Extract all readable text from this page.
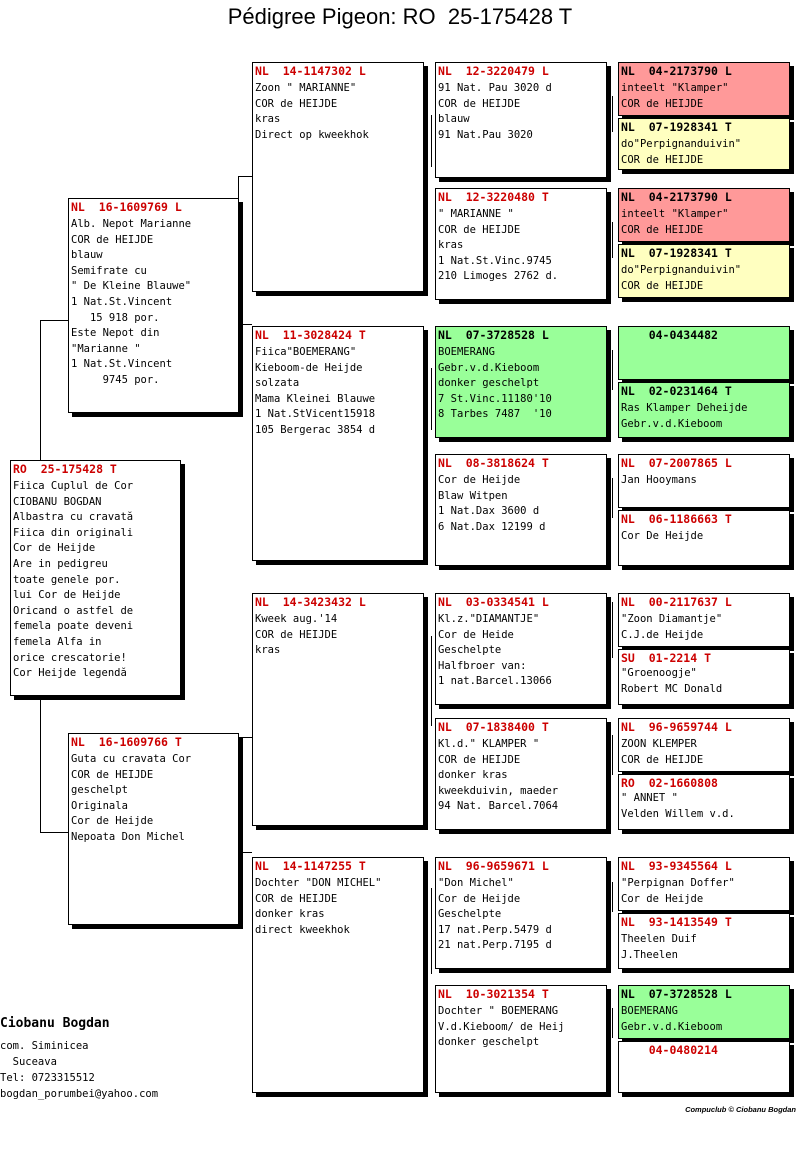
Pédigree Pigeon: RO  25-175428 T
RO  25-175428 T
Fiica Cuplul de Cor
CIOBANU BOGDAN
Albastra cu cravată
Fiica din originali
Cor de Heijde
Are in pedigreu
toate genele por.
lui Cor de Heijde
Oricand o astfel de
femela poate deveni
femela Alfa in
orice crescatorie!
Cor Heijde legendă
NL  16-1609769 L
Alb. Nepot Marianne
COR de HEIJDE
blauw
Semifrate cu
" De Kleine Blauwe"
1 Nat.St.Vincent
15 918 por.
Este Nepot din
"Marianne "
1 Nat.St.Vincent
9745 por.
NL  16-1609766 T
Guta cu cravata Cor
COR de HEIJDE
geschelpt
Originala
Cor de Heijde
Nepoata Don Michel
NL  14-1147302 L
Zoon " MARIANNE"
COR de HEIJDE
kras
Direct op kweekhok
NL  11-3028424 T
Fiica"BOEMERANG"
Kieboom-de Heijde
solzata
Mama Kleinei Blauwe
1 Nat.StVicent15918
105 Bergerac 3854 d
NL  14-3423432 L
Kweek aug.'14
COR de HEIJDE
kras
NL  14-1147255 T
Dochter "DON MICHEL"
COR de HEIJDE
donker kras
direct kweekhok
NL  12-3220479 L
91 Nat. Pau 3020 d
COR de HEIJDE
blauw
91 Nat.Pau 3020
NL  12-3220480 T
" MARIANNE "
COR de HEIJDE
kras
1 Nat.St.Vinc.9745
210 Limoges 2762 d.
NL  07-3728528 L
BOEMERANG
Gebr.v.d.Kieboom
donker geschelpt
7 St.Vinc.11180'10
8 Tarbes 7487  '10
NL  08-3818624 T
Cor de Heijde
Blaw Witpen
1 Nat.Dax 3600 d
6 Nat.Dax 12199 d
NL  03-0334541 L
Kl.z."DIAMANTJE"
Cor de Heide
Geschelpte
Halfbroer van:
1 nat.Barcel.13066
NL  07-1838400 T
Kl.d." KLAMPER "
COR de HEIJDE
donker kras
kweekduivin, maeder
94 Nat. Barcel.7064
NL  96-9659671 L
"Don Michel"
Cor de Heijde
Geschelpte
17 nat.Perp.5479 d
21 nat.Perp.7195 d
NL  10-3021354 T
Dochter " BOEMERANG
V.d.Kieboom/ de Heij
donker geschelpt
NL  04-2173790 L
inteelt "Klamper"
COR de HEIJDE
NL  07-1928341 T
do"Perpignanduivin"
COR de HEIJDE
NL  04-2173790 L
inteelt "Klamper"
COR de HEIJDE
NL  07-1928341 T
do"Perpignanduivin"
COR de HEIJDE
04-0434482
NL  02-0231464 T
Ras Klamper Deheijde
Gebr.v.d.Kieboom
NL  07-2007865 L
Jan Hooymans
NL  06-1186663 T
Cor De Heijde
NL  00-2117637 L
"Zoon Diamantje"
C.J.de Heijde
SU  01-2214 T
"Groenoogje"
Robert MC Donald
NL  96-9659744 L
ZOON KLEMPER
COR de HEIJDE
RO  02-1660808
" ANNET "
Velden Willem v.d.
NL  93-9345564 L
"Perpignan Doffer"
Cor de Heijde
NL  93-1413549 T
Theelen Duif
J.Theelen
NL  07-3728528 L
BOEMERANG
Gebr.v.d.Kieboom
04-0480214
Ciobanu Bogdan
com. Siminicea
Suceava
Tel: 0723315512
bogdan_porumbei@yahoo.com
Compuclub © Ciobanu Bogdan
